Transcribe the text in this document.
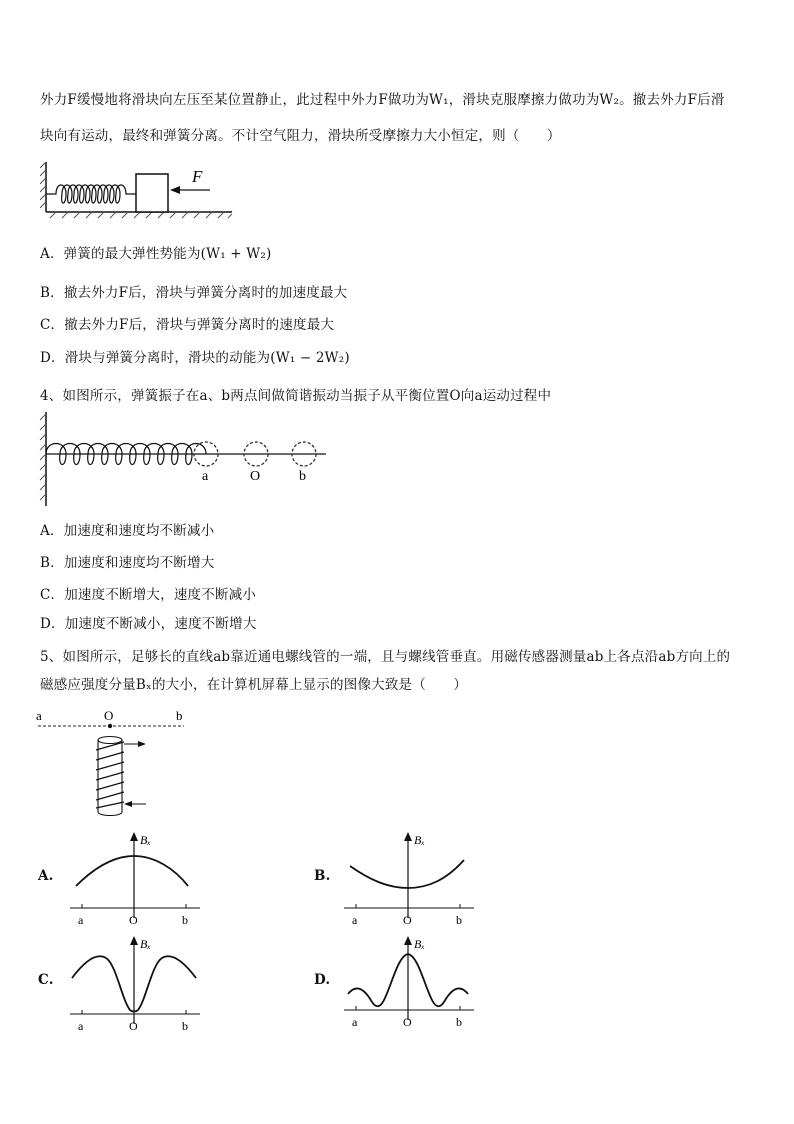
外力F缓慢地将滑块向左压至某位置静止，此过程中外力F做功为W₁，滑块克服摩擦力做功为W₂。撤去外力F后滑
块向有运动，最终和弹簧分离。不计空气阻力，滑块所受摩擦力大小恒定，则（　　）
F
A．弹簧的最大弹性势能为(W₁ + W₂)
B．撤去外力F后，滑块与弹簧分离时的加速度最大
C．撤去外力F后，滑块与弹簧分离时的速度最大
D．滑块与弹簧分离时，滑块的动能为(W₁ − 2W₂)
4、如图所示，弹簧振子在a、b两点间做简谐振动当振子从平衡位置O向a运动过程中
a	O	b
A．加速度和速度均不断减小
B．加速度和速度均不断增大
C．加速度不断增大，速度不断减小
D．加速度不断减小，速度不断增大
5、如图所示，足够长的直线ab靠近通电螺线管的一端，且与螺线管垂直。用磁传感器测量ab上各点沿ab方向上的
磁感应强度分量Bₓ的大小，在计算机屏幕上显示的图像大致是（　　）
a	O	b
A.
Bₓ
a	O	b
B.
Bₓ
a	O	b
C.
Bₓ
a	O	b
D.
Bₓ
a	O	b
